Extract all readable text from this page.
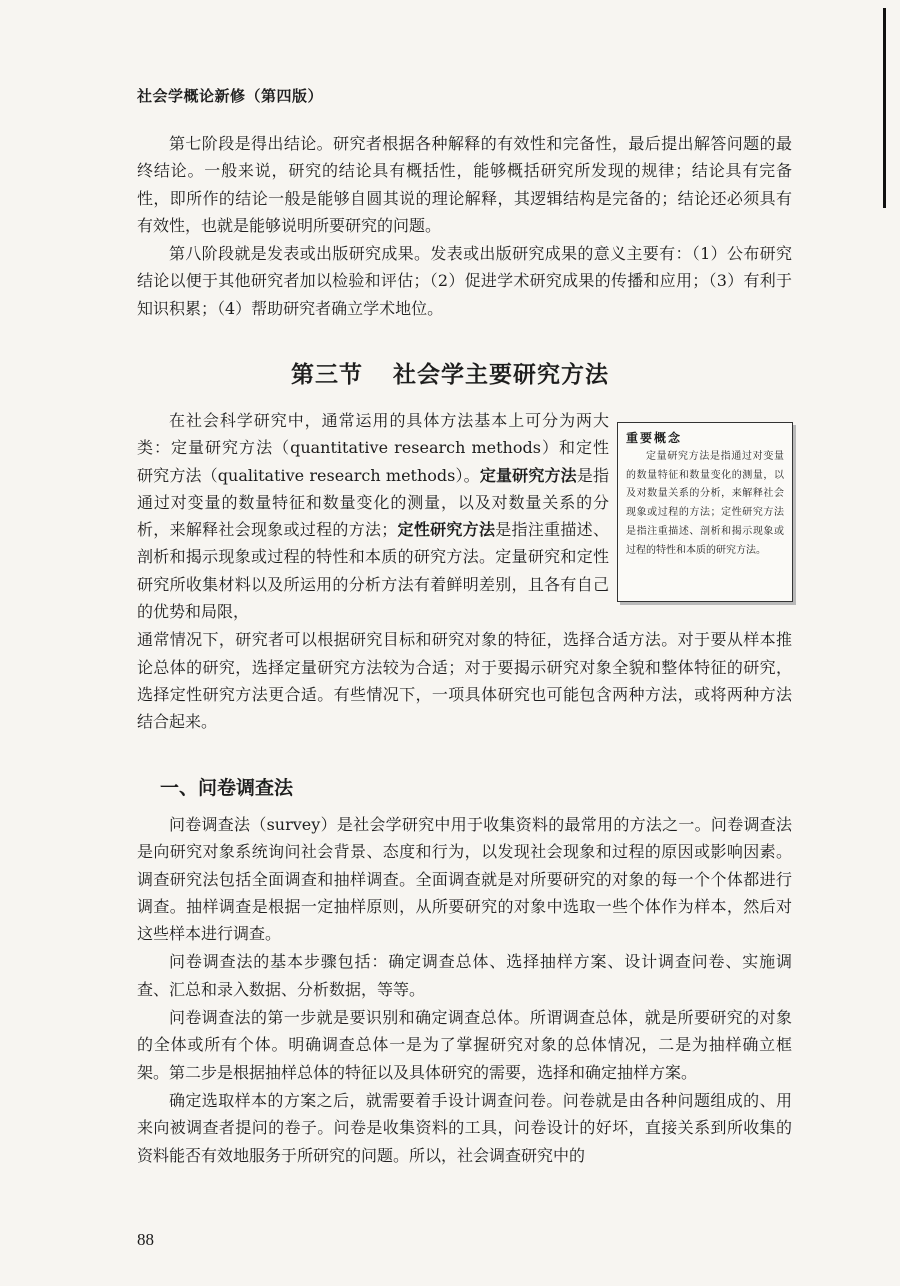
社会学概论新修（第四版）

第七阶段是得出结论。研究者根据各种解释的有效性和完备性，最后提出解答问题的最终结论。一般来说，研究的结论具有概括性，能够概括研究所发现的规律；结论具有完备性，即所作的结论一般是能够自圆其说的理论解释，其逻辑结构是完备的；结论还必须具有有效性，也就是能够说明所要研究的问题。

第八阶段就是发表或出版研究成果。发表或出版研究成果的意义主要有：（1）公布研究结论以便于其他研究者加以检验和评估；（2）促进学术研究成果的传播和应用；（3）有利于知识积累；（4）帮助研究者确立学术地位。

第三节 社会学主要研究方法

在社会科学研究中，通常运用的具体方法基本上可分为两大类：定量研究方法（quantitative research methods）和定性研究方法（qualitative research methods）。定量研究方法是指通过对变量的数量特征和数量变化的测量，以及对数量关系的分析，来解释社会现象或过程的方法；定性研究方法是指注重描述、剖析和揭示现象或过程的特性和本质的研究方法。定量研究和定性研究所收集材料以及所运用的分析方法有着鲜明差别，且各有自己的优势和局限，

通常情况下，研究者可以根据研究目标和研究对象的特征，选择合适方法。对于要从样本推论总体的研究，选择定量研究方法较为合适；对于要揭示研究对象全貌和整体特征的研究，选择定性研究方法更合适。有些情况下，一项具体研究也可能包含两种方法，或将两种方法结合起来。

重要概念
定量研究方法是指通过对变量的数量特征和数量变化的测量，以及对数量关系的分析，来解释社会现象或过程的方法；定性研究方法是指注重描述、剖析和揭示现象或过程的特性和本质的研究方法。
一、问卷调查法

问卷调查法（survey）是社会学研究中用于收集资料的最常用的方法之一。问卷调查法是向研究对象系统询问社会背景、态度和行为，以发现社会现象和过程的原因或影响因素。调查研究法包括全面调查和抽样调查。全面调查就是对所要研究的对象的每一个个体都进行调查。抽样调查是根据一定抽样原则，从所要研究的对象中选取一些个体作为样本，然后对这些样本进行调查。

问卷调查法的基本步骤包括：确定调查总体、选择抽样方案、设计调查问卷、实施调查、汇总和录入数据、分析数据，等等。

问卷调查法的第一步就是要识别和确定调查总体。所谓调查总体，就是所要研究的对象的全体或所有个体。明确调查总体一是为了掌握研究对象的总体情况，二是为抽样确立框架。第二步是根据抽样总体的特征以及具体研究的需要，选择和确定抽样方案。

确定选取样本的方案之后，就需要着手设计调查问卷。问卷就是由各种问题组成的、用来向被调查者提问的卷子。问卷是收集资料的工具，问卷设计的好坏，直接关系到所收集的资料能否有效地服务于所研究的问题。所以，社会调查研究中的

88
